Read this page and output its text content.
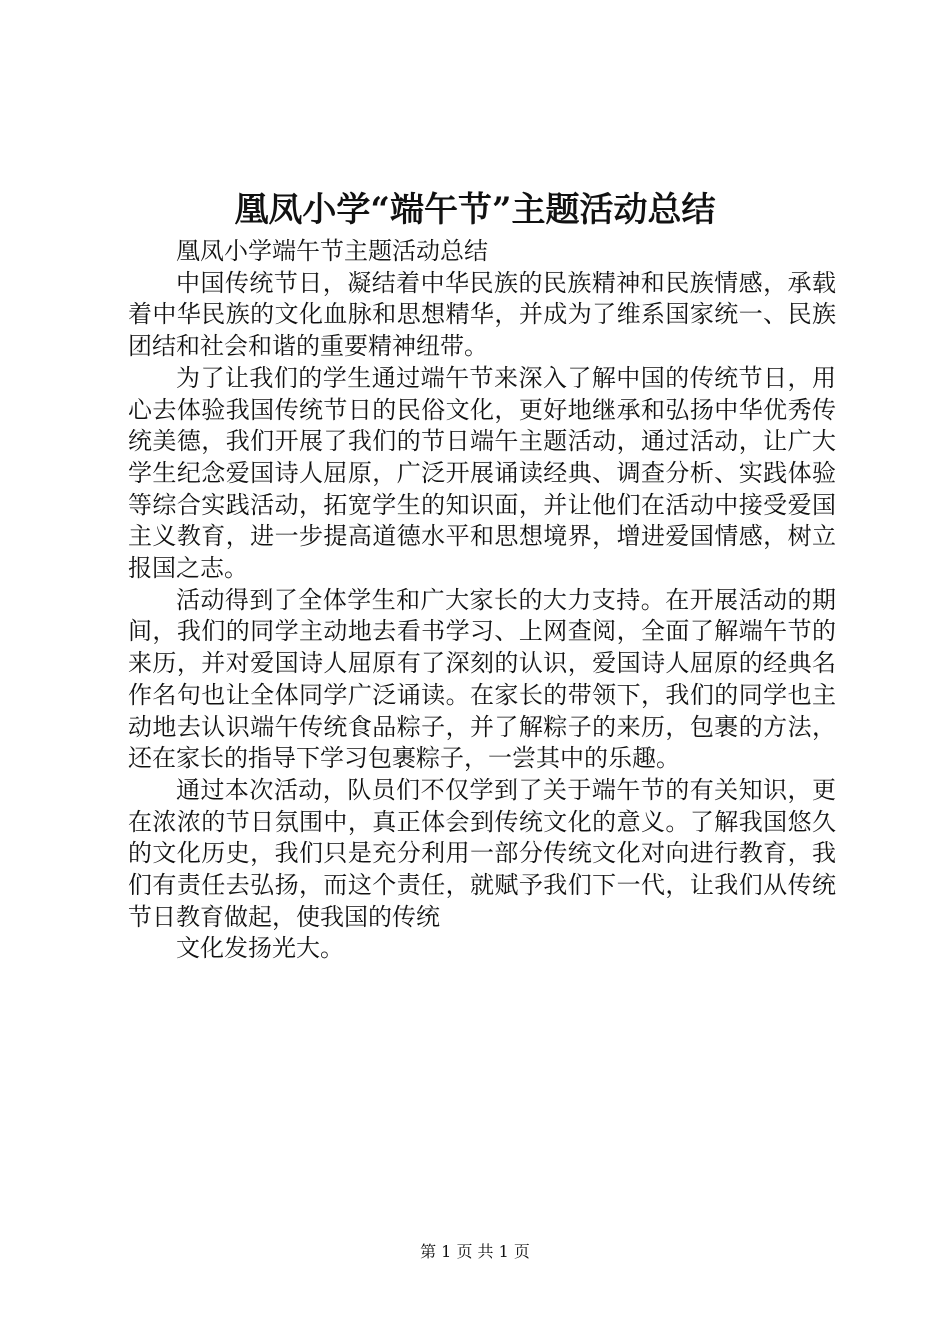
凰凤小学“端午节”主题活动总结

凰凤小学端午节主题活动总结

中国传统节日，凝结着中华民族的民族精神和民族情感，承载着中华民族的文化血脉和思想精华，并成为了维系国家统一、民族团结和社会和谐的重要精神纽带。

为了让我们的学生通过端午节来深入了解中国的传统节日，用心去体验我国传统节日的民俗文化，更好地继承和弘扬中华优秀传统美德，我们开展了我们的节日端午主题活动，通过活动，让广大学生纪念爱国诗人屈原，广泛开展诵读经典、调查分析、实践体验等综合实践活动，拓宽学生的知识面，并让他们在活动中接受爱国主义教育，进一步提高道德水平和思想境界，增进爱国情感，树立报国之志。

活动得到了全体学生和广大家长的大力支持。在开展活动的期间，我们的同学主动地去看书学习、上网查阅，全面了解端午节的来历，并对爱国诗人屈原有了深刻的认识，爱国诗人屈原的经典名作名句也让全体同学广泛诵读。在家长的带领下，我们的同学也主动地去认识端午传统食品粽子，并了解粽子的来历，包裹的方法，还在家长的指导下学习包裹粽子，一尝其中的乐趣。

通过本次活动，队员们不仅学到了关于端午节的有关知识，更在浓浓的节日氛围中，真正体会到传统文化的意义。了解我国悠久的文化历史，我们只是充分利用一部分传统文化对向进行教育，我们有责任去弘扬，而这个责任，就赋予我们下一代，让我们从传统节日教育做起，使我国的传统

文化发扬光大。

第 1 页 共 1 页
